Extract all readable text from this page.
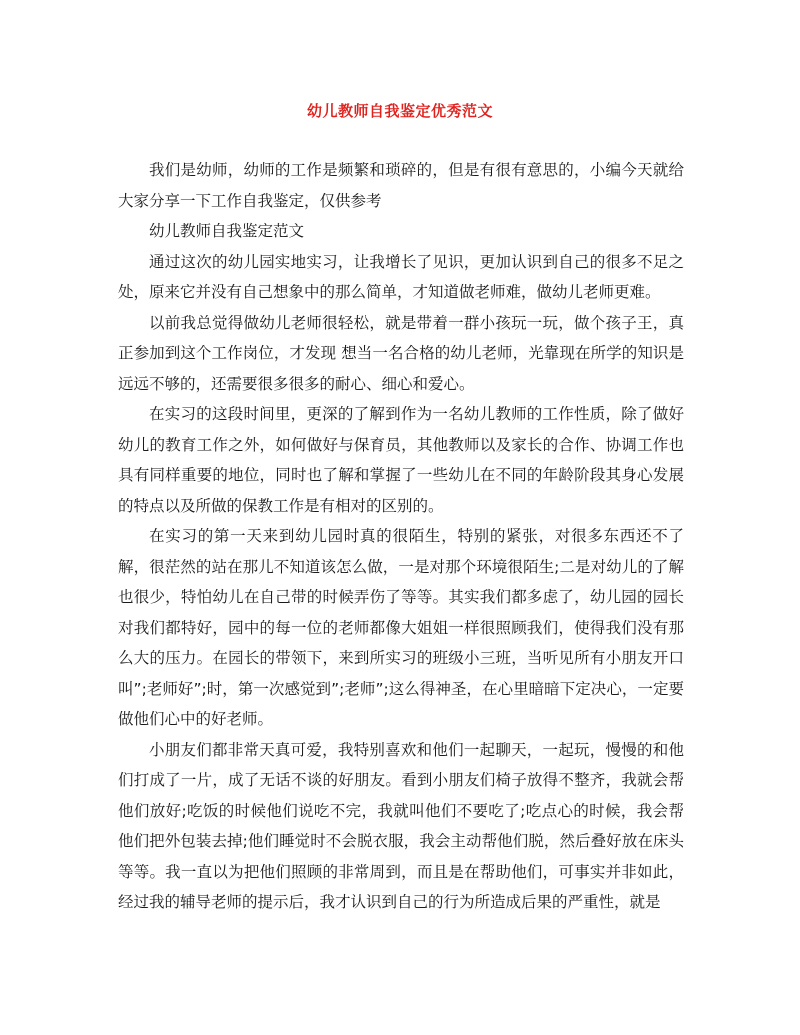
幼儿教师自我鉴定优秀范文

我们是幼师，幼师的工作是频繁和琐碎的，但是有很有意思的，小编今天就给大家分享一下工作自我鉴定，仅供参考

幼儿教师自我鉴定范文

通过这次的幼儿园实地实习，让我增长了见识，更加认识到自己的很多不足之处，原来它并没有自己想象中的那么简单，才知道做老师难，做幼儿老师更难。

以前我总觉得做幼儿老师很轻松，就是带着一群小孩玩一玩，做个孩子王，真正参加到这个工作岗位，才发现 想当一名合格的幼儿老师，光靠现在所学的知识是远远不够的，还需要很多很多的耐心、细心和爱心。

在实习的这段时间里，更深的了解到作为一名幼儿教师的工作性质，除了做好幼儿的教育工作之外，如何做好与保育员，其他教师以及家长的合作、协调工作也具有同样重要的地位，同时也了解和掌握了一些幼儿在不同的年龄阶段其身心发展的特点以及所做的保教工作是有相对的区别的。

在实习的第一天来到幼儿园时真的很陌生，特别的紧张，对很多东西还不了解，很茫然的站在那儿不知道该怎么做，一是对那个环境很陌生;二是对幼儿的了解也很少，特怕幼儿在自己带的时候弄伤了等等。其实我们都多虑了，幼儿园的园长对我们都特好，园中的每一位的老师都像大姐姐一样很照顾我们，使得我们没有那么大的压力。在园长的带领下，来到所实习的班级小三班，当听见所有小朋友开口叫”;老师好”;时，第一次感觉到”;老师”;这么得神圣，在心里暗暗下定决心，一定要做他们心中的好老师。

小朋友们都非常天真可爱，我特别喜欢和他们一起聊天，一起玩，慢慢的和他们打成了一片，成了无话不谈的好朋友。看到小朋友们椅子放得不整齐，我就会帮他们放好;吃饭的时候他们说吃不完，我就叫他们不要吃了;吃点心的时候，我会帮他们把外包装去掉;他们睡觉时不会脱衣服，我会主动帮他们脱，然后叠好放在床头等等。我一直以为把他们照顾的非常周到，而且是在帮助他们，可事实并非如此，经过我的辅导老师的提示后，我才认识到自己的行为所造成后果的严重性，就是
